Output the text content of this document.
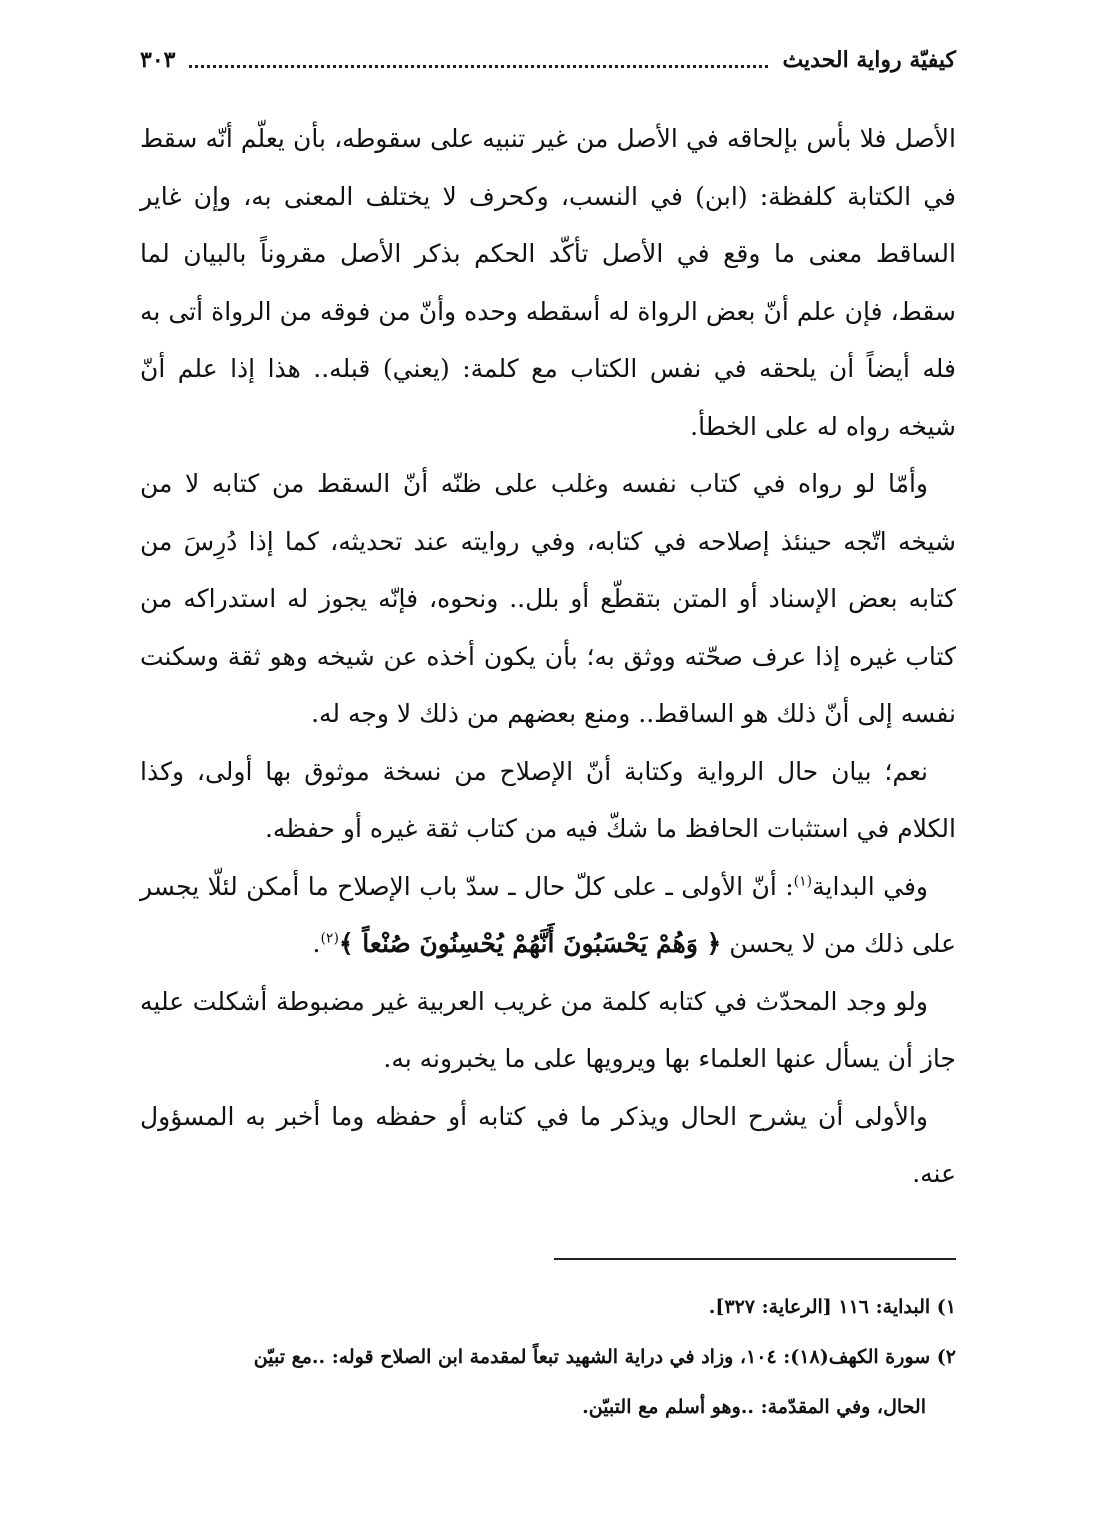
كيفيّة رواية الحديث
٣٠٣

الأصل فلا بأس بإلحاقه في الأصل من غير تنبيه على سقوطه، بأن يعلّم أنّه سقط في الكتابة كلفظة: (ابن) في النسب، وكحرف لا يختلف المعنى به، وإن غاير الساقط معنى ما وقع في الأصل تأكّد الحكم بذكر الأصل مقروناً بالبيان لما سقط، فإن علم أنّ بعض الرواة له أسقطه وحده وأنّ من فوقه من الرواة أتى به فله أيضاً أن يلحقه في نفس الكتاب مع كلمة: (يعني) قبله.. هذا إذا علم أنّ شيخه رواه له على الخطأ.

وأمّا لو رواه في كتاب نفسه وغلب على ظنّه أنّ السقط من كتابه لا من شيخه اتّجه حينئذ إصلاحه في كتابه، وفي روايته عند تحديثه، كما إذا دُرِسَ من كتابه بعض الإسناد أو المتن بتقطّع أو بلل.. ونحوه، فإنّه يجوز له استدراكه من كتاب غيره إذا عرف صحّته ووثق به؛ بأن يكون أخذه عن شيخه وهو ثقة وسكنت نفسه إلى أنّ ذلك هو الساقط.. ومنع بعضهم من ذلك لا وجه له.

نعم؛ بيان حال الرواية وكتابة أنّ الإصلاح من نسخة موثوق بها أولى، وكذا الكلام في استثبات الحافظ ما شكّ فيه من كتاب ثقة غيره أو حفظه.

وفي البداية$^{(١)}$: أنّ الأولى ـ على كلّ حال ـ سدّ باب الإصلاح ما أمكن لئلّا يجسر على ذلك من لا يحسن ﴿ وَهُمْ يَحْسَبُونَ أَنَّهُمْ يُحْسِنُونَ صُنْعاً ﴾$^{(٢)}$.

ولو وجد المحدّث في كتابه كلمة من غريب العربية غير مضبوطة أشكلت عليه جاز أن يسأل عنها العلماء بها ويرويها على ما يخبرونه به.

والأولى أن يشرح الحال ويذكر ما في كتابه أو حفظه وما أخبر به المسؤول عنه.

١) البداية: ١١٦ [الرعاية: ٣٢٧].

٢) سورة الكهف(١٨): ١٠٤، وزاد في دراية الشهيد تبعاً لمقدمة ابن الصلاح قوله: ..مع تبيّن

الحال، وفي المقدّمة: ..وهو أسلم مع التبيّن.
